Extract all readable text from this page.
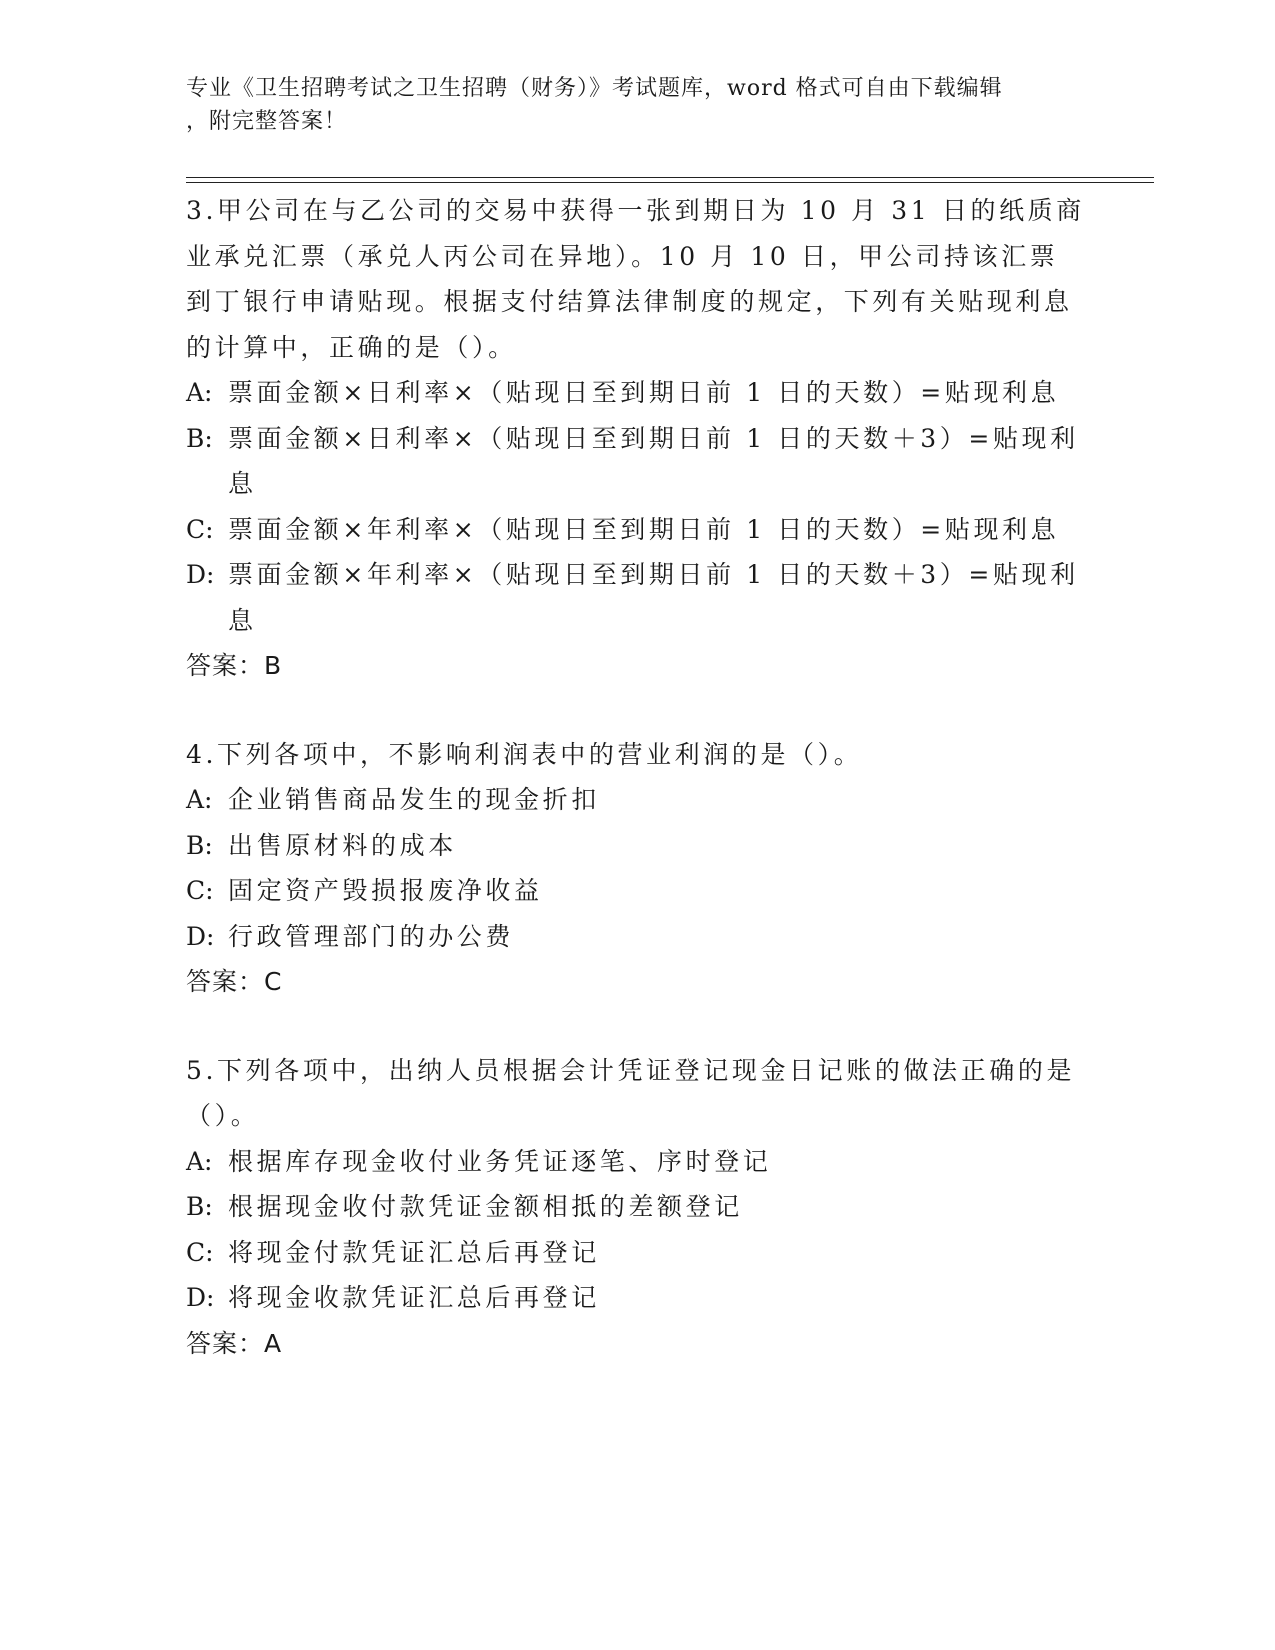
专业《卫生招聘考试之卫生招聘（财务）》考试题库，word 格式可自由下载编辑
，附完整答案！

3.甲公司在与乙公司的交易中获得一张到期日为 10 月 31 日的纸质商业承兑汇票（承兑人丙公司在异地）。10 月 10 日，甲公司持该汇票到丁银行申请贴现。根据支付结算法律制度的规定，下列有关贴现利息的计算中，正确的是（）。

A: 票面金额×日利率×（贴现日至到期日前 1 日的天数）=贴现利息
B: 票面金额×日利率×（贴现日至到期日前 1 日的天数＋3）=贴现利息
C: 票面金额×年利率×（贴现日至到期日前 1 日的天数）=贴现利息
D: 票面金额×年利率×（贴现日至到期日前 1 日的天数＋3）=贴现利息

答案：B

4.下列各项中，不影响利润表中的营业利润的是（）。

A: 企业销售商品发生的现金折扣
B: 出售原材料的成本
C: 固定资产毁损报废净收益
D: 行政管理部门的办公费

答案：C

5.下列各项中，出纳人员根据会计凭证登记现金日记账的做法正确的是（）。

A: 根据库存现金收付业务凭证逐笔、序时登记
B: 根据现金收付款凭证金额相抵的差额登记
C: 将现金付款凭证汇总后再登记
D: 将现金收款凭证汇总后再登记

答案：A
